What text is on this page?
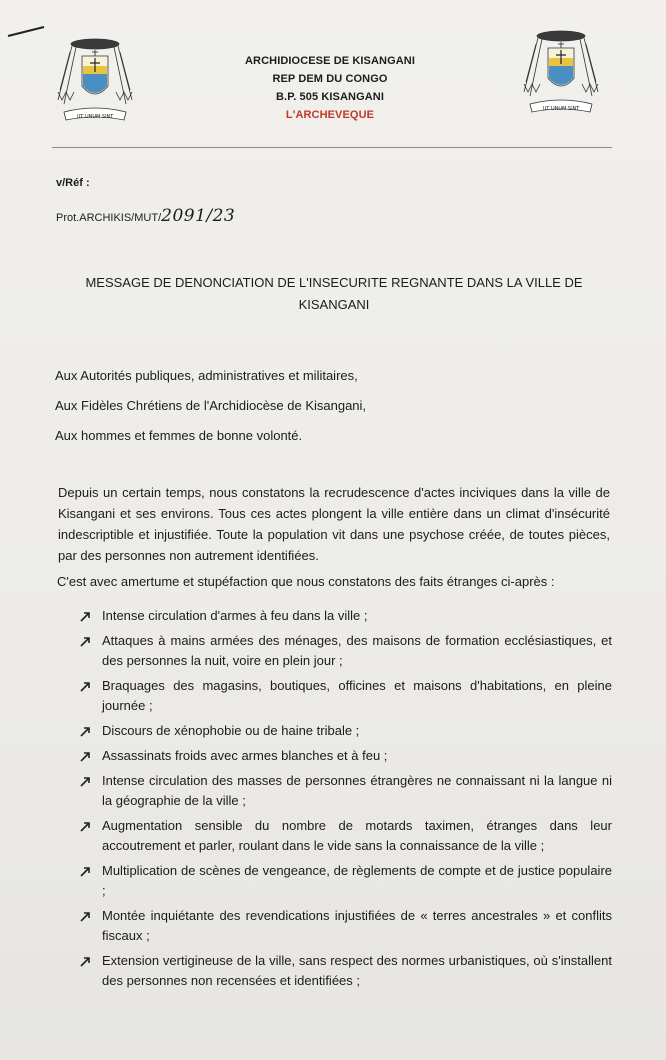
UT UNUM SINT
UT UNUM SINT
ARCHIDIOCESE DE KISANGANI
REP DEM DU CONGO
B.P. 505 KISANGANI
L'ARCHEVEQUE
v/Réf :
Prot.ARCHIKIS/MUT/2091/23
MESSAGE DE DENONCIATION DE L'INSECURITE REGNANTE DANS LA VILLE DE KISANGANI
Aux Autorités publiques, administratives et militaires,
Aux Fidèles Chrétiens de l'Archidiocèse de Kisangani,
Aux hommes et femmes de bonne volonté.
Depuis un certain temps, nous constatons la recrudescence d'actes inciviques dans la ville de Kisangani et ses environs. Tous ces actes plongent la ville entière dans un climat d'insécurité indescriptible et injustifiée. Toute la population vit dans une psychose créée, de toutes pièces, par des personnes non autrement identifiées.
C'est avec amertume et stupéfaction que nous constatons des faits étranges ci-après :
Intense circulation d'armes à feu dans la ville ;
Attaques à mains armées des ménages, des maisons de formation ecclésiastiques, et des personnes la nuit, voire en plein jour ;
Braquages des magasins, boutiques, officines et maisons d'habitations, en pleine journée ;
Discours de xénophobie ou de haine tribale ;
Assassinats froids avec armes blanches et à feu ;
Intense circulation des masses de personnes étrangères ne connaissant ni la langue ni la géographie de la ville ;
Augmentation sensible du nombre de motards taximen, étranges dans leur accoutrement et parler, roulant dans le vide sans la connaissance de la ville ;
Multiplication de scènes de vengeance, de règlements de compte et de justice populaire ;
Montée inquiétante des revendications injustifiées de « terres ancestrales » et conflits fiscaux ;
Extension vertigineuse de la ville, sans respect des normes urbanistiques, où s'installent des personnes non recensées et identifiées ;
